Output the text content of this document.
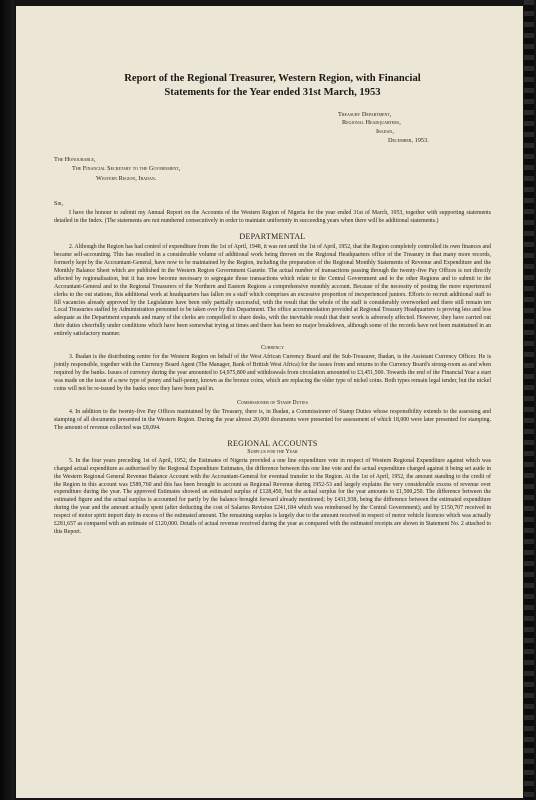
Report of the Regional Treasurer, Western Region, with Financial
Statements for the Year ended 31st March, 1953
Treasury Department,
Regional Headquarters,
Ibadan,
December, 1953.
The Honourable,
The Financial Secretary to the Government,
Western Region, Ibadan.
Sir,

I have the honour to submit my Annual Report on the Accounts of the Western Region of Nigeria for the year ended 31st of March, 1953, together with supporting statements detailed in the Index. (The statements are not numbered consecutively in order to maintain uniformity in succeeding years when there will be additional statements.)

DEPARTMENTAL

2. Although the Region has had control of expenditure from the 1st of April, 1948, it was not until the 1st of April, 1952, that the Region completely controlled its own finances and became self-accounting. This has resulted in a considerable volume of additional work being thrown on the Regional Headquarters office of the Treasury in that many more records, formerly kept by the Accountant-General, have now to be maintained by the Region, including the preparation of the Regional Monthly Statements of Revenue and Expenditure and the Monthly Balance Sheet which are published in the Western Region Government Gazette. The actual number of transactions passing through the twenty-five Pay Offices is not directly affected by regionalisation, but it has now become necessary to segregate those transactions which relate to the Central Government and to the other Regions and to submit to the Accountant-General and to the Regional Treasurers of the Northern and Eastern Regions a comprehensive monthly account. Because of the necessity of posting the more experienced clerks to the out stations, this additional work at headquarters has fallen on a staff which comprises an excessive proportion of inexperienced juniors. Efforts to recruit additional staff to fill vacancies already approved by the Legislature have been only partially successful, with the result that the whole of the staff is considerably overworked and there still remain ten Local Treasuries staffed by Administration personnel to be taken over by this Department. The office accommodation provided at Regional Treasury Headquarters is proving less and less adequate as the Department expands and many of the clerks are compelled to share desks, with the inevitable result that their work is adversely affected. However, they have carried out their duties cheerfully under conditions which have been somewhat trying at times and there has been no major breakdown, although some of the records have not been maintained in an entirely satisfactory manner.

Currency

3. Ibadan is the distributing centre for the Western Region on behalf of the West African Currency Board and the Sub-Treasurer, Ibadan, is the Assistant Currency Officer. He is jointly responsible, together with the Currency Board Agent (The Manager, Bank of British West Africa) for the issues from and returns to the Currency Board's strong-room as and when required by the banks. Issues of currency during the year amounted to £4,975,800 and withdrawals from circulation amounted to £3,451,500. Towards the end of the Financial Year a start was made on the issue of a new type of penny and half-penny, known as the bronze coins, which are replacing the older type of nickel coins. Both types remain legal tender, but the nickel coins will not be re-issued by the banks once they have been paid in.

Commissioner of Stamp Duties

4. In addition to the twenty-five Pay Offices maintained by the Treasury, there is, in Ibadan, a Commissioner of Stamp Duties whose responsibility extends to the assessing and stamping of all documents presented in the Western Region. During the year almost 20,000 documents were presented for assessment of which 18,000 were later presented for stamping. The amount of revenue collected was £8,094.

REGIONAL ACCOUNTS
Surplus for the Year

5. In the four years preceding 1st of April, 1952, the Estimates of Nigeria provided a one line expenditure vote in respect of Western Regional Expenditure against which was charged actual expenditure as authorised by the Regional Expenditure Estimates, the difference between this one line vote and the actual expenditure charged against it being set aside in the Western Regional General Revenue Balance Account with the Accountant-General for eventual transfer to the Region. At the 1st of April, 1952, the amount standing to the credit of the Region in this account was £589,760 and this has been brought to account as Regional Revenue during 1952-53 and largely explains the very considerable excess of revenue over expenditure during the year. The approved Estimates showed an estimated surplus of £128,450, but the actual surplus for the year amounts to £1,500,250. The difference between the estimated figure and the actual surplus is accounted for partly by the balance brought forward already mentioned; by £431,938, being the difference between the estimated expenditure during the year and the amount actually spent (after deducting the cost of Salaries Revision £241,184 which was reimbursed by the Central Government); and by £150,707 received in respect of motor spirit import duty in excess of the estimated amount. The remaining surplus is largely due to the amount received in respect of motor vehicle licences which was actually £281,657 as compared with an estimate of £120,000. Details of actual revenue received during the year as compared with the estimated receipts are shown in Statement No. 2 attached to this Report.
